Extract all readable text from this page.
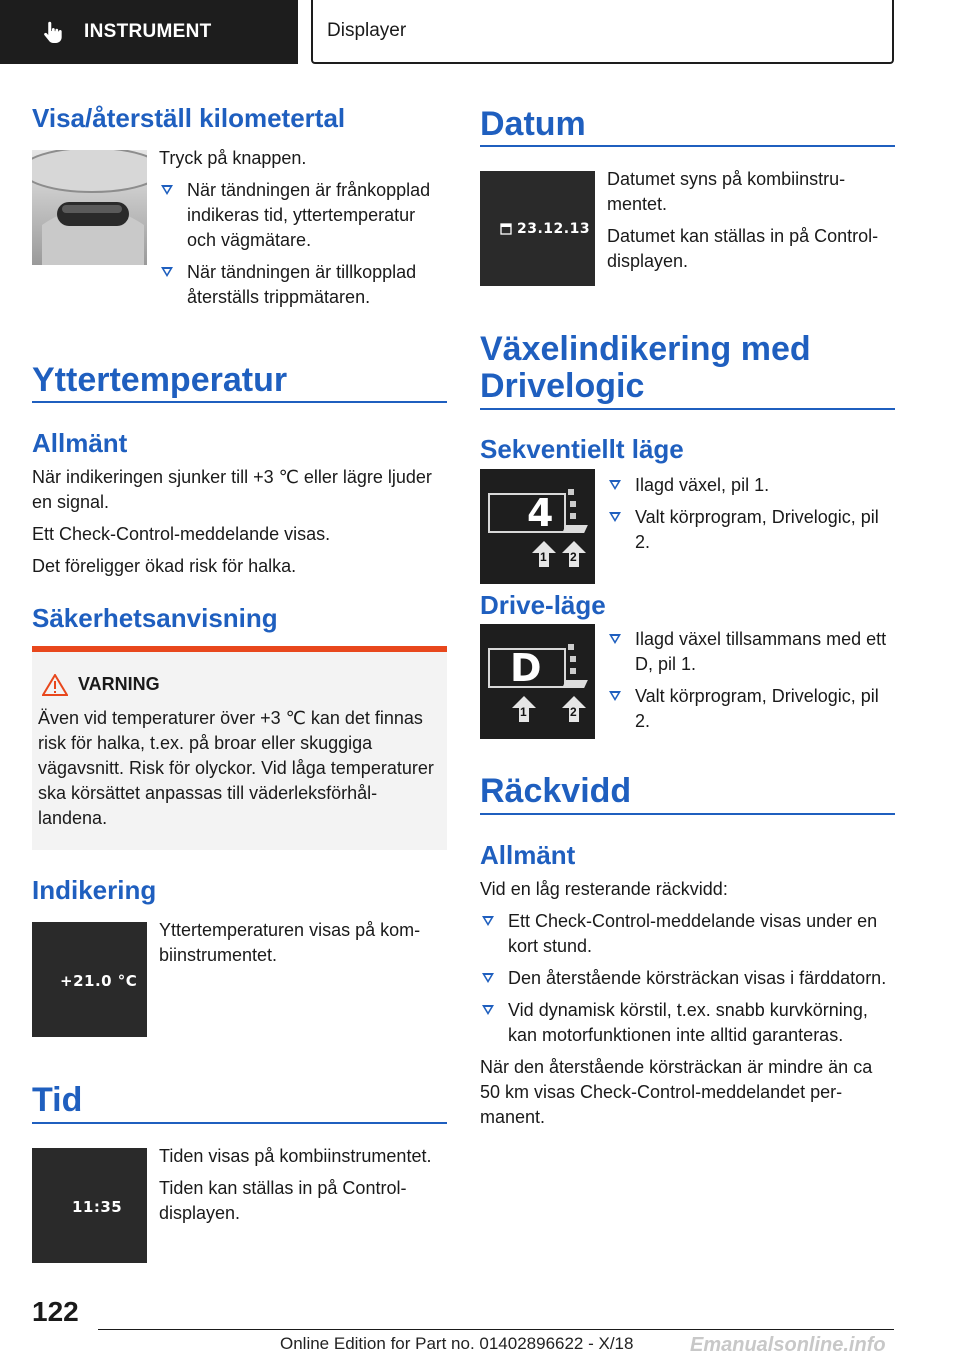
INSTRUMENT	Displayer
Visa/återställ kilometertal

Tryck på knappen.

När tändningen är frånkopplad indikeras tid, yttertemperatur och vägmätare.
När tändningen är tillkopplad återställs trippmätaren.
Yttertemperatur
Allmänt

När indikeringen sjunker till +3 ℃ eller lägre ljuder en signal.

Ett Check-Control-meddelande visas.

Det föreligger ökad risk för halka.

Säkerhetsanvisning
VARNING
Även vid temperaturer över +3 ℃ kan det finnas risk för halka, t.ex. på broar eller skuggiga vägavsnitt. Risk för olyckor. Vid låga temperaturer ska körsättet anpassas till väderleksförhållandena.
Indikering
+21.0 °C

Yttertemperaturen visas på kombiinstrumentet.

Tid
11:35

Tiden visas på kombiinstrumentet.

Tiden kan ställas in på Control-displayen.

Datum
23.12.13

Datumet syns på kombiinstrumentet.

Datumet kan ställas in på Control-displayen.

Växelindikering med
Drivelogic
Sekventiellt läge
4
1 2
Ilagd växel, pil 1.
Valt körprogram, Drivelogic, pil 2.
Drive-läge
D
1	2
Ilagd växel tillsammans med ett D, pil 1.
Valt körprogram, Drivelogic, pil 2.
Räckvidd
Allmänt

Vid en låg resterande räckvidd:

Ett Check-Control-meddelande visas under en kort stund.
Den återstående körsträckan visas i färddatorn.
Vid dynamisk körstil, t.ex. snabb kurvkörning, kan motorfunktionen inte alltid garanteras.

När den återstående körsträckan är mindre än ca 50 km visas Check-Control-meddelandet permanent.

122
Online Edition for Part no. 01402896622 - X/18	Emanualsonline.info
